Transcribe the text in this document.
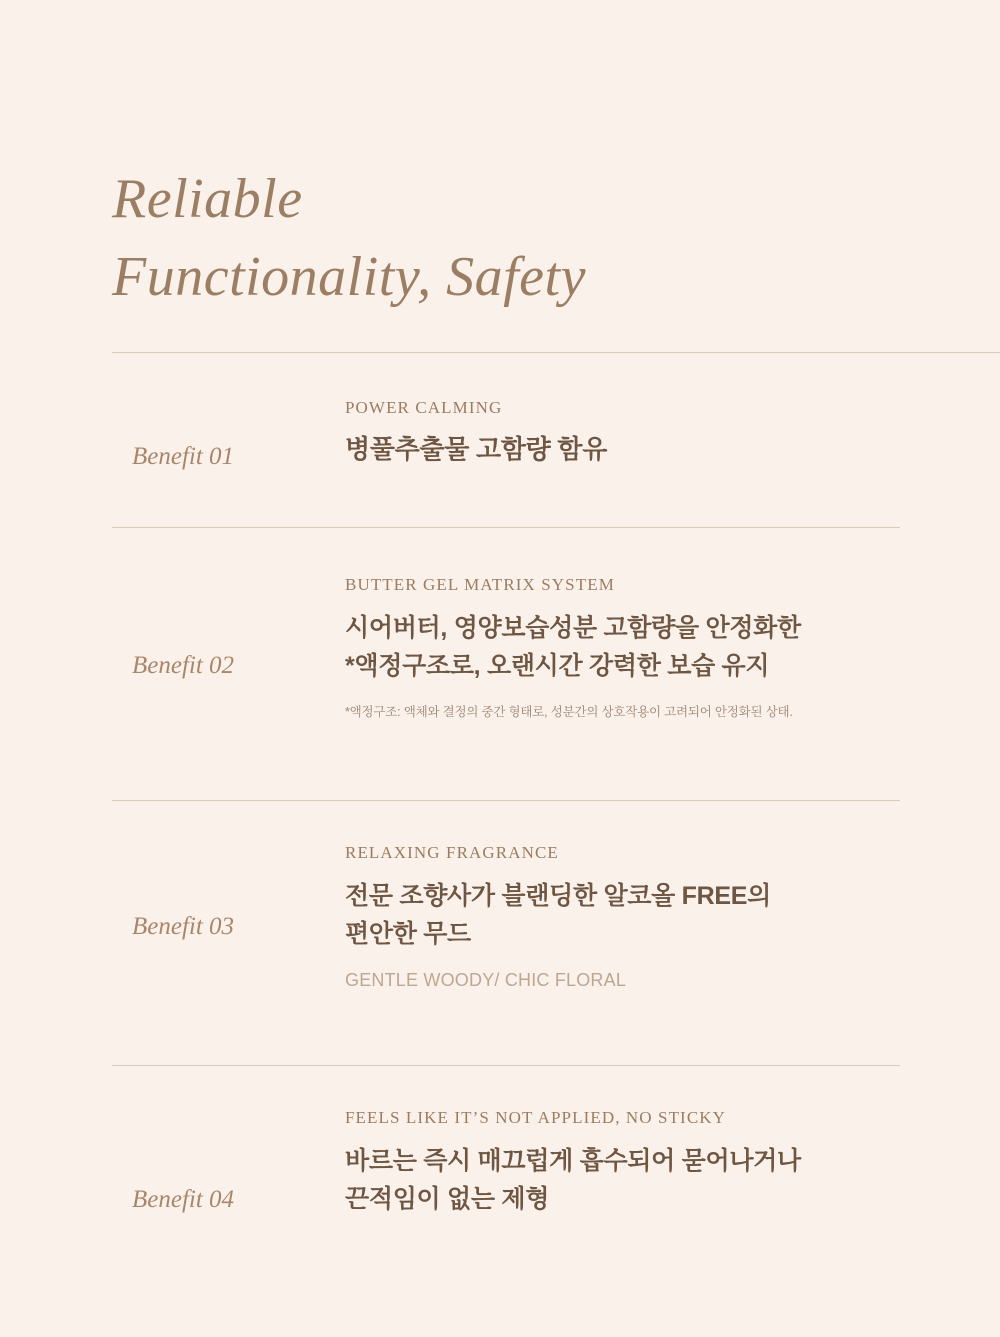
Reliable
Functionality, Safety
Benefit 01
POWER CALMING
병풀추출물 고함량 함유
Benefit 02
BUTTER GEL MATRIX SYSTEM
시어버터, 영양보습성분 고함량을 안정화한
*액정구조로, 오랜시간 강력한 보습 유지
*액정구조: 액체와 결정의 중간 형태로, 성분간의 상호작용이 고려되어 안정화된 상태.
Benefit 03
RELAXING FRAGRANCE
전문 조향사가 블랜딩한 알코올 FREE의
편안한 무드
GENTLE WOODY/ CHIC FLORAL
Benefit 04
FEELS LIKE IT’S NOT APPLIED, NO STICKY
바르는 즉시 매끄럽게 흡수되어 묻어나거나
끈적임이 없는 제형
